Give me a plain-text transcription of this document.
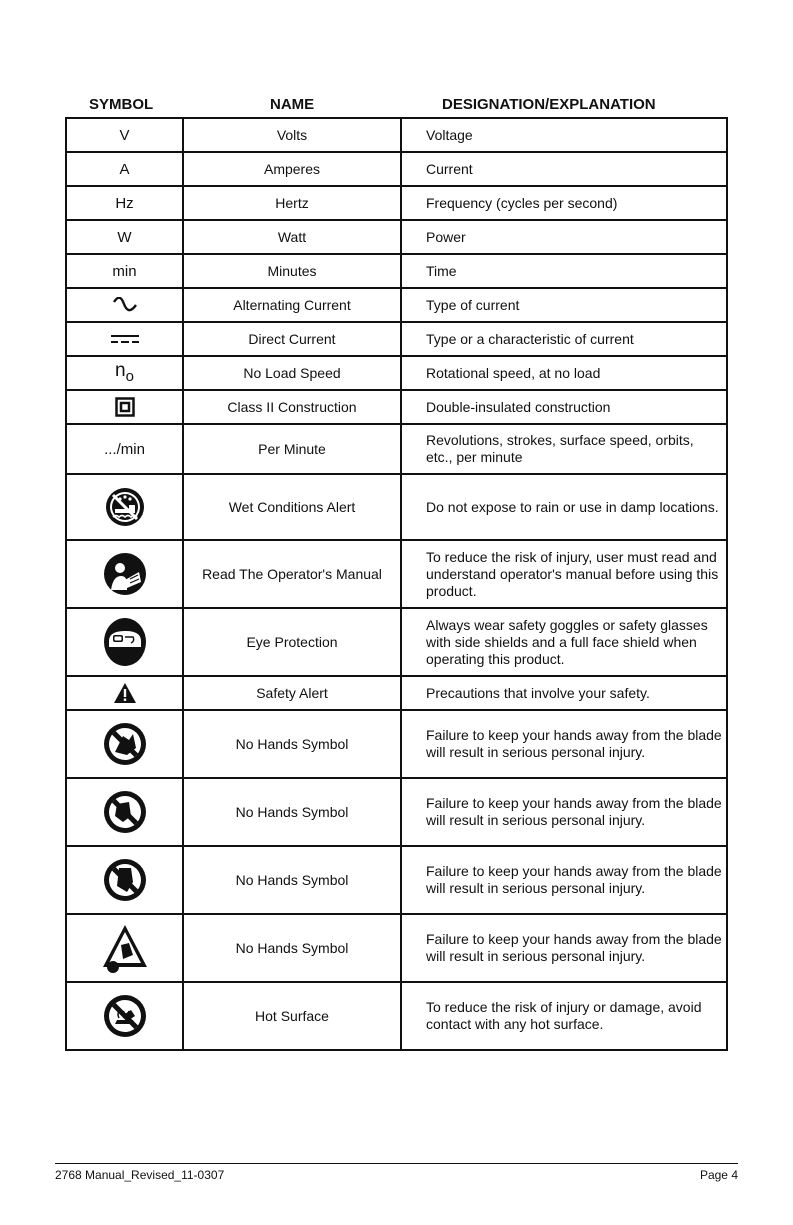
SYMBOL	NAME	DESIGNATION/EXPLANATION
V	Volts	Voltage
A	Amperes	Current
Hz	Hertz	Frequency (cycles per second)
W	Watt	Power
min	Minutes	Time

	Alternating Current	Type of current

	Direct Current	Type or a characteristic of current
$n_o$	No Load Speed	Rotational speed, at no load

	Class II Construction	Double-insulated construction
.../min	Per Minute	Revolutions, strokes, surface speed, orbits, etc., per minute

	Wet Conditions Alert	Do not expose to rain or use in damp locations.

	Read The Operator's Manual	To reduce the risk of injury, user must read and understand operator's manual before using this product.

	Eye Protection	Always wear safety goggles or safety glasses with side shields and a full face shield when operating this product.

	Safety Alert	Precautions that involve your safety.

	No Hands Symbol	Failure to keep your hands away from the blade will result in serious personal injury.

	No Hands Symbol	Failure to keep your hands away from the blade will result in serious personal injury.

	No Hands Symbol	Failure to keep your hands away from the blade will result in serious personal injury.

	No Hands Symbol	Failure to keep your hands away from the blade will result in serious personal injury.

	Hot Surface	To reduce the risk of injury or damage, avoid contact with any hot surface.
2768 Manual_Revised_11-0307	Page 4
